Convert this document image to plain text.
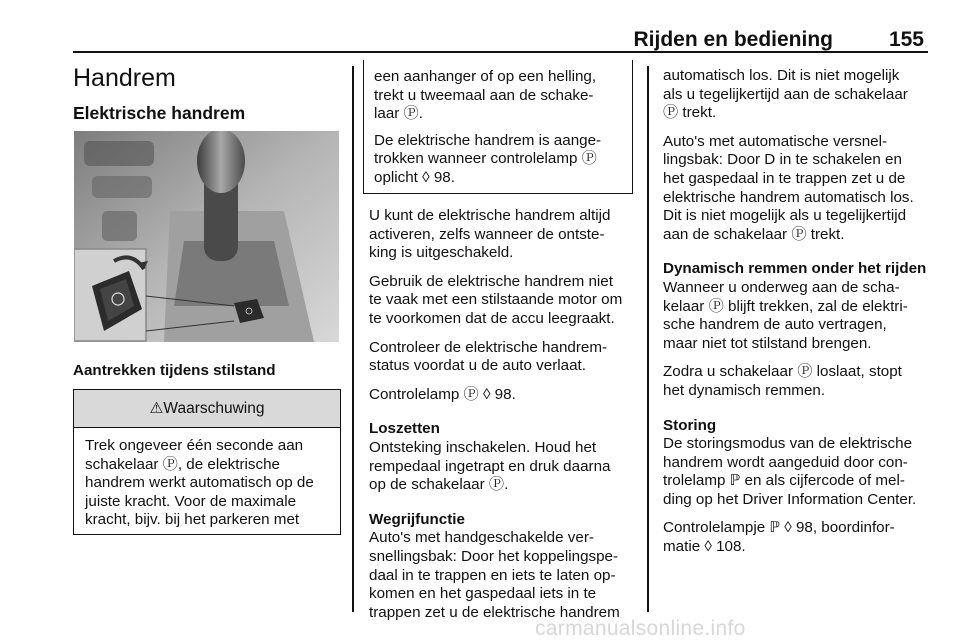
Rijden en bediening	155
Handrem
Elektrische handrem
Aantrekken tijdens stilstand
⚠Waarschuwing
Trek ongeveer één seconde aan
schakelaar Ⓟ, de elektrische
handrem werkt automatisch op de
juiste kracht. Voor de maximale
kracht, bijv. bij het parkeren met

een aanhanger of op een helling,
trekt u tweemaal aan de schake-
laar Ⓟ.

De elektrische handrem is aange-
trokken wanneer controlelamp Ⓟ
oplicht ◊ 98.

U kunt de elektrische handrem altijd
activeren, zelfs wanneer de ontste-
king is uitgeschakeld.

Gebruik de elektrische handrem niet
te vaak met een stilstaande motor om
te voorkomen dat de accu leegraakt.

Controleer de elektrische handrem-
status voordat u de auto verlaat.

Controlelamp Ⓟ ◊ 98.

Loszetten

Ontsteking inschakelen. Houd het
rempedaal ingetrapt en druk daarna
op de schakelaar Ⓟ.

Wegrijfunctie

Auto's met handgeschakelde ver-
snellingsbak: Door het koppelingspe-
daal in te trappen en iets te laten op-
komen en het gaspedaal iets in te
trappen zet u de elektrische handrem

automatisch los. Dit is niet mogelijk
als u tegelijkertijd aan de schakelaar
Ⓟ trekt.

Auto's met automatische versnel-
lingsbak: Door D in te schakelen en
het gaspedaal in te trappen zet u de
elektrische handrem automatisch los.
Dit is niet mogelijk als u tegelijkertijd
aan de schakelaar Ⓟ trekt.

Dynamisch remmen onder het rijden

Wanneer u onderweg aan de scha-
kelaar Ⓟ blijft trekken, zal de elektri-
sche handrem de auto vertragen,
maar niet tot stilstand brengen.

Zodra u schakelaar Ⓟ loslaat, stopt
het dynamisch remmen.

Storing

De storingsmodus van de elektrische
handrem wordt aangeduid door con-
trolelamp ℙ en als cijfercode of mel-
ding op het Driver Information Center.

Controlelampje ℙ ◊ 98, boordinfor-
matie ◊ 108.

carmanualsonline.info
